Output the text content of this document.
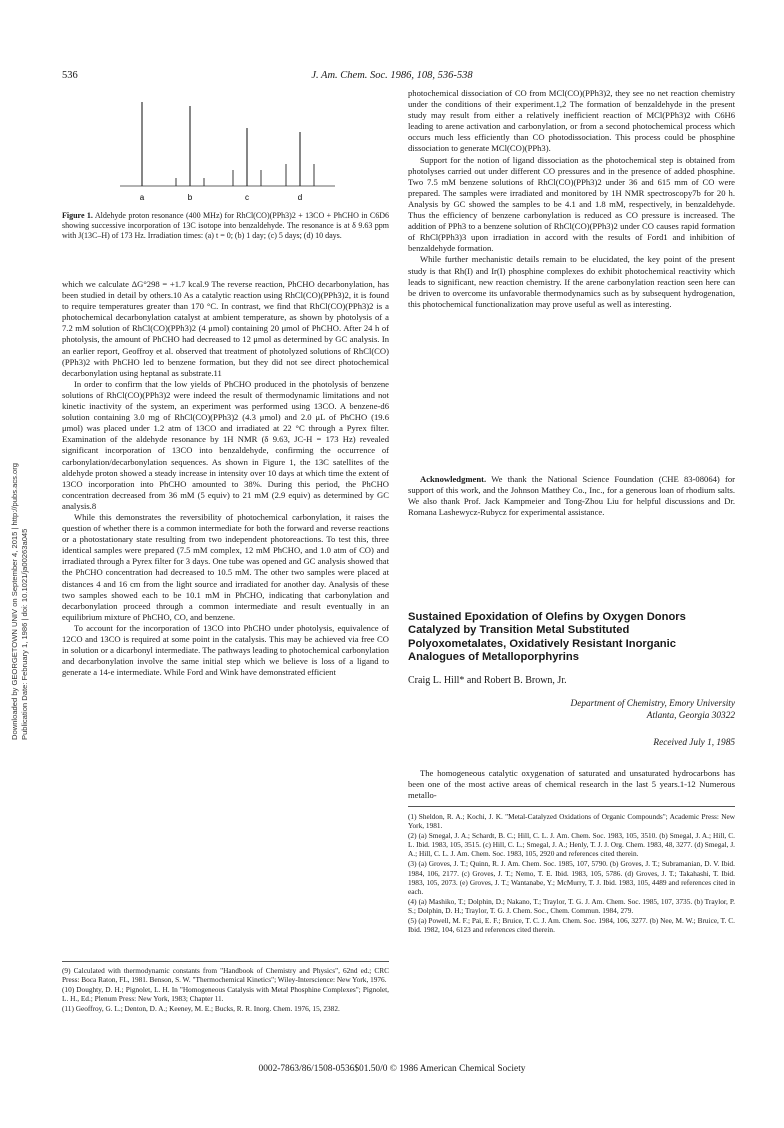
536	J. Am. Chem. Soc. 1986, 108, 536-538
Downloaded by GEORGETOWN UNIV on September 4, 2015 | http://pubs.acs.org Publication Date: February 1, 1986 | doi: 10.1021/ja00263a045
a	b	c	d
Figure 1. Aldehyde proton resonance (400 MHz) for RhCl(CO)(PPh3)2 + 13CO + PhCHO in C6D6 showing successive incorporation of 13C isotope into benzaldehyde. The resonance is at δ 9.63 ppm with J(13C–H) of 173 Hz. Irradiation times: (a) t = 0; (b) 1 day; (c) 5 days; (d) 10 days.

which we calculate ΔG°298 = +1.7 kcal.9 The reverse reaction, PhCHO decarbonylation, has been studied in detail by others.10 As a catalytic reaction using RhCl(CO)(PPh3)2, it is found to require temperatures greater than 170 °C. In contrast, we find that RhCl(CO)(PPh3)2 is a photochemical decarbonylation catalyst at ambient temperature, as shown by photolysis of a 7.2 mM solution of RhCl(CO)(PPh3)2 (4 μmol) containing 20 μmol of PhCHO. After 24 h of photolysis, the amount of PhCHO had decreased to 12 μmol as determined by GC analysis. In an earlier report, Geoffroy et al. observed that treatment of photolyzed solutions of RhCl(CO)(PPh3)2 with PhCHO led to benzene formation, but they did not see direct photochemical decarbonylation using heptanal as substrate.11

In order to confirm that the low yields of PhCHO produced in the photolysis of benzene solutions of RhCl(CO)(PPh3)2 were indeed the result of thermodynamic limitations and not kinetic inactivity of the system, an experiment was performed using 13CO. A benzene-d6 solution containing 3.0 mg of RhCl(CO)(PPh3)2 (4.3 μmol) and 2.0 μL of PhCHO (19.6 μmol) was placed under 1.2 atm of 13CO and irradiated at 22 °C through a Pyrex filter. Examination of the aldehyde resonance by 1H NMR (δ 9.63, JC-H = 173 Hz) revealed significant incorporation of 13CO into benzaldehyde, confirming the occurrence of carbonylation/decarbonylation sequences. As shown in Figure 1, the 13C satellites of the aldehyde proton showed a steady increase in intensity over 10 days at which time the extent of 13CO incorporation into PhCHO amounted to 38%. During this period, the PhCHO concentration decreased from 36 mM (5 equiv) to 21 mM (2.9 equiv) as determined by GC analysis.8

While this demonstrates the reversibility of photochemical carbonylation, it raises the question of whether there is a common intermediate for both the forward and reverse reactions or a photostationary state resulting from two independent photoreactions. To test this, three identical samples were prepared (7.5 mM complex, 12 mM PhCHO, and 1.0 atm of CO) and irradiated through a Pyrex filter for 3 days. One tube was opened and GC analysis showed that the PhCHO concentration had decreased to 10.5 mM. The other two samples were placed at distances 4 and 16 cm from the light source and irradiated for another day. Analysis of these two samples showed each to be 10.1 mM in PhCHO, indicating that carbonylation and decarbonylation proceed through a common intermediate and result eventually in an equilibrium mixture of PhCHO, CO, and benzene.

To account for the incorporation of 13CO into PhCHO under photolysis, equivalence of 12CO and 13CO is required at some point in the catalysis. This may be achieved via free CO in solution or a dicarbonyl intermediate. The pathways leading to photochemical carbonylation and decarbonylation involve the same initial step which we believe is loss of a ligand to generate a 14-e intermediate. While Ford and Wink have demonstrated efficient

(9) Calculated with thermodynamic constants from "Handbook of Chemistry and Physics", 62nd ed.; CRC Press: Boca Raton, FL, 1981. Benson, S. W. "Thermochemical Kinetics"; Wiley-Interscience: New York, 1976.
(10) Doughty, D. H.; Pignolet, L. H. In "Homogeneous Catalysis with Metal Phosphine Complexes"; Pignolet, L. H., Ed.; Plenum Press: New York, 1983; Chapter 11.
(11) Geoffroy, G. L.; Denton, D. A.; Keeney, M. E.; Bucks, R. R. Inorg. Chem. 1976, 15, 2382.

photochemical dissociation of CO from MCl(CO)(PPh3)2, they see no net reaction chemistry under the conditions of their experiment.1,2 The formation of benzaldehyde in the present study may result from either a relatively inefficient reaction of MCl(PPh3)2 with C6H6 leading to arene activation and carbonylation, or from a second photochemical process which occurs much less efficiently than CO photodissociation. This process could be phosphine dissociation to generate MCl(CO)(PPh3).

Support for the notion of ligand dissociation as the photochemical step is obtained from photolyses carried out under different CO pressures and in the presence of added phosphine. Two 7.5 mM benzene solutions of RhCl(CO)(PPh3)2 under 36 and 615 mm of CO were prepared. The samples were irradiated and monitored by 1H NMR spectroscopy7b for 20 h. Analysis by GC showed the samples to be 4.1 and 1.8 mM, respectively, in benzaldehyde. Thus the efficiency of benzene carbonylation is reduced as CO pressure is increased. The addition of PPh3 to a benzene solution of RhCl(CO)(PPh3)2 under CO causes rapid formation of RhCl(PPh3)3 upon irradiation in accord with the results of Ford1 and inhibition of benzaldehyde formation.

While further mechanistic details remain to be elucidated, the key point of the present study is that Rh(I) and Ir(I) phosphine complexes do exhibit photochemical reactivity which leads to significant, new reaction chemistry. If the arene carbonylation reaction seen here can be driven to overcome its unfavorable thermodynamics such as by subsequent hydrogenation, this photochemical functionalization may prove useful as well as interesting.

Acknowledgment. We thank the National Science Foundation (CHE 83-08064) for support of this work, and the Johnson Matthey Co., Inc., for a generous loan of rhodium salts. We also thank Prof. Jack Kampmeier and Tong-Zhou Liu for helpful discussions and Dr. Romana Lashewycz-Rubycz for experimental assistance.

Sustained Epoxidation of Olefins by Oxygen Donors Catalyzed by Transition Metal Substituted Polyoxometalates, Oxidatively Resistant Inorganic Analogues of Metalloporphyrins
Craig L. Hill* and Robert B. Brown, Jr.
Department of Chemistry, Emory University
Atlanta, Georgia 30322
Received July 1, 1985

The homogeneous catalytic oxygenation of saturated and unsaturated hydrocarbons has been one of the most active areas of chemical research in the last 5 years.1-12 Numerous metallo-

(1) Sheldon, R. A.; Kochi, J. K. "Metal-Catalyzed Oxidations of Organic Compounds"; Academic Press: New York, 1981.
(2) (a) Smegal, J. A.; Schardt, B. C.; Hill, C. L. J. Am. Chem. Soc. 1983, 105, 3510. (b) Smegal, J. A.; Hill, C. L. Ibid. 1983, 105, 3515. (c) Hill, C. L.; Smegal, J. A.; Henly, T. J. J. Org. Chem. 1983, 48, 3277. (d) Smegal, J. A.; Hill, C. L. J. Am. Chem. Soc. 1983, 105, 2920 and references cited therein.
(3) (a) Groves, J. T.; Quinn, R. J. Am. Chem. Soc. 1985, 107, 5790. (b) Groves, J. T.; Subramanian, D. V. Ibid. 1984, 106, 2177. (c) Groves, J. T.; Nemo, T. E. Ibid. 1983, 105, 5786. (d) Groves, J. T.; Takahashi, T. Ibid. 1983, 105, 2073. (e) Groves, J. T.; Wantanabe, Y.; McMurry, T. J. Ibid. 1983, 105, 4489 and references cited in each.
(4) (a) Mashiko, T.; Dolphin, D.; Nakano, T.; Traylor, T. G. J. Am. Chem. Soc. 1985, 107, 3735. (b) Traylor, P. S.; Dolphin, D. H.; Traylor, T. G. J. Chem. Soc., Chem. Commun. 1984, 279.
(5) (a) Powell, M. F.; Pai, E. F.; Bruice, T. C. J. Am. Chem. Soc. 1984, 106, 3277. (b) Nee, M. W.; Bruice, T. C. Ibid. 1982, 104, 6123 and references cited therein.
0002-7863/86/1508-0536$01.50/0 © 1986 American Chemical Society
